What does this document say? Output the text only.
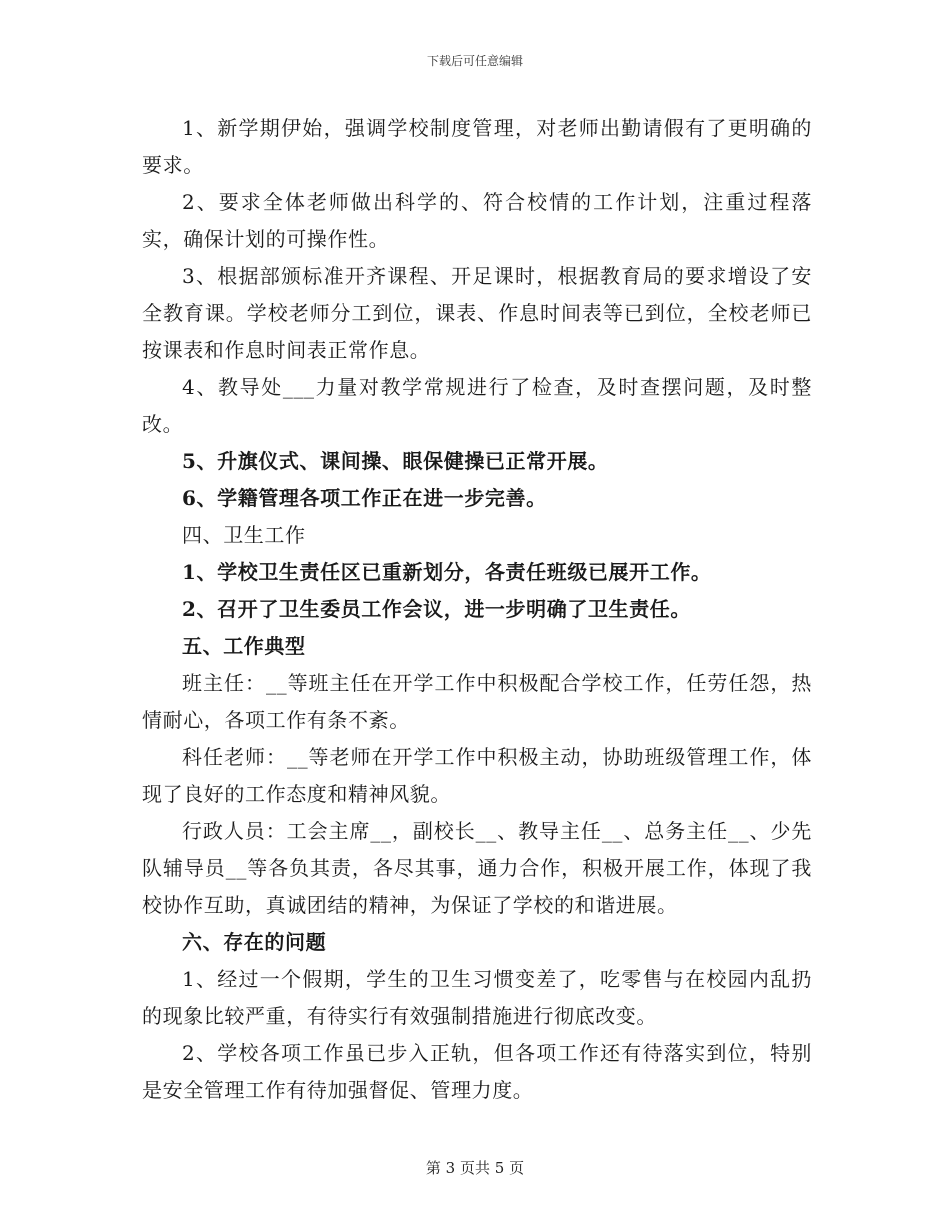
下载后可任意编辑

1、新学期伊始，强调学校制度管理，对老师出勤请假有了更明确的要求。

2、要求全体老师做出科学的、符合校情的工作计划，注重过程落实，确保计划的可操作性。

3、根据部颁标准开齐课程、开足课时，根据教育局的要求增设了安全教育课。学校老师分工到位，课表、作息时间表等已到位，全校老师已按课表和作息时间表正常作息。

4、教导处___力量对教学常规进行了检查，及时查摆问题，及时整改。

5、升旗仪式、课间操、眼保健操已正常开展。

6、学籍管理各项工作正在进一步完善。

四、卫生工作

1、学校卫生责任区已重新划分，各责任班级已展开工作。

2、召开了卫生委员工作会议，进一步明确了卫生责任。

五、工作典型

班主任：__等班主任在开学工作中积极配合学校工作，任劳任怨，热情耐心，各项工作有条不紊。

科任老师：__等老师在开学工作中积极主动，协助班级管理工作，体现了良好的工作态度和精神风貌。

行政人员：工会主席__，副校长__、教导主任__、总务主任__、少先队辅导员__等各负其责，各尽其事，通力合作，积极开展工作，体现了我校协作互助，真诚团结的精神，为保证了学校的和谐进展。

六、存在的问题

1、经过一个假期，学生的卫生习惯变差了，吃零售与在校园内乱扔的现象比较严重，有待实行有效强制措施进行彻底改变。

2、学校各项工作虽已步入正轨，但各项工作还有待落实到位，特别是安全管理工作有待加强督促、管理力度。

第 3 页共 5 页
